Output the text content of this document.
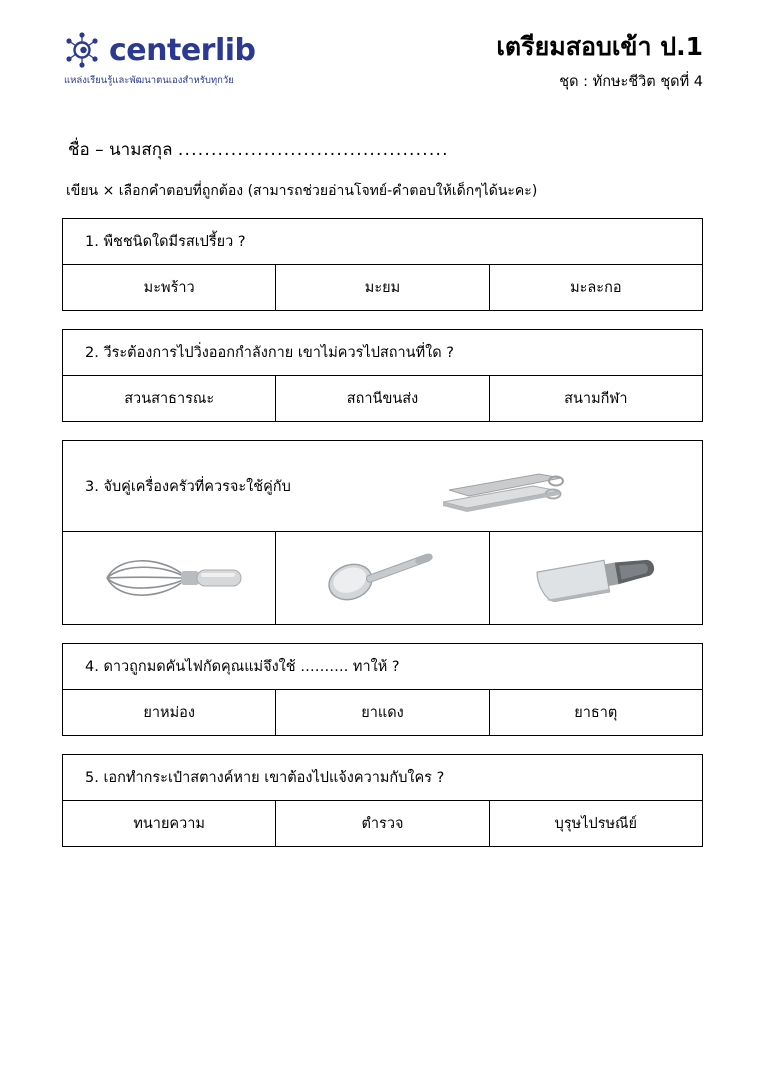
centerlib
แหล่งเรียนรู้และพัฒนาตนเองสำหรับทุกวัย
เตรียมสอบเข้า ป.1
ชุด : ทักษะชีวิต ชุดที่ 4
ชื่อ – นามสกุล .........................................
เขียน × เลือกคำตอบที่ถูกต้อง (สามารถช่วยอ่านโจทย์-คำตอบให้เด็กๆได้นะคะ)
1. พืชชนิดใดมีรสเปรี้ยว ?
มะพร้าว	มะยม	มะละกอ
2. วีระต้องการไปวิ่งออกกำลังกาย เขาไม่ควรไปสถานที่ใด ?
สวนสาธารณะ	สถานีขนส่ง	สนามกีฬา
3. จับคู่เครื่องครัวที่ควรจะใช้คู่กับ
4. ดาวถูกมดคันไฟกัดคุณแม่จึงใช้ ………. ทาให้ ?
ยาหม่อง	ยาแดง	ยาธาตุ
5. เอกทำกระเป๋าสตางค์หาย เขาต้องไปแจ้งความกับใคร ?
ทนายความ	ตำรวจ	บุรุษไปรษณีย์
